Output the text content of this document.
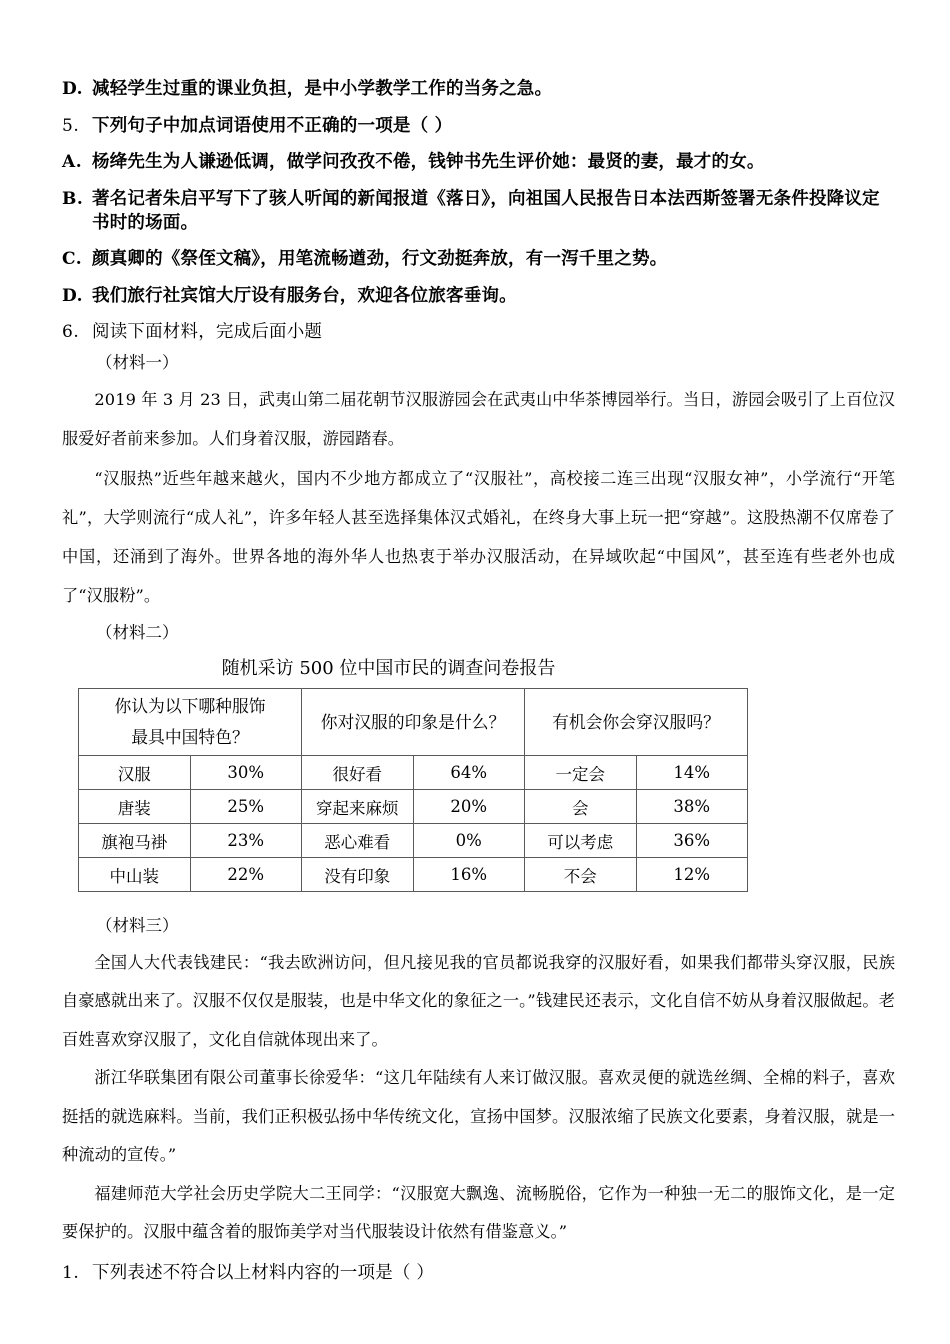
D. 减轻学生过重的课业负担，是中小学教学工作的当务之急。
5. 下列句子中加点词语使用不正确的一项是（ ）
A. 杨绛先生为人谦逊低调，做学问孜孜不倦，钱钟书先生评价她：最贤的妻，最才的女。
B. 著名记者朱启平写下了骇人听闻的新闻报道《落日》，向祖国人民报告日本法西斯签署无条件投降议定书时的场面。
C. 颜真卿的《祭侄文稿》，用笔流畅遒劲，行文劲挺奔放，有一泻千里之势。
D. 我们旅行社宾馆大厅设有服务台，欢迎各位旅客垂询。
6. 阅读下面材料，完成后面小题
（材料一）

2019 年 3 月 23 日，武夷山第二届花朝节汉服游园会在武夷山中华茶博园举行。当日，游园会吸引了上百位汉服爱好者前来参加。人们身着汉服，游园踏春。

“汉服热”近些年越来越火，国内不少地方都成立了“汉服社”，高校接二连三出现“汉服女神”，小学流行“开笔礼”，大学则流行“成人礼”，许多年轻人甚至选择集体汉式婚礼，在终身大事上玩一把“穿越”。这股热潮不仅席卷了中国，还涌到了海外。世界各地的海外华人也热衷于举办汉服活动，在异域吹起“中国风”，甚至连有些老外也成了“汉服粉”。

（材料二）
随机采访 500 位中国市民的调查问卷报告
你认为以下哪种服饰
最具中国特色？		你对汉服的印象是什么？		有机会你会穿汉服吗？	
汉服	30%	很好看	64%	一定会	14%
唐装	25%	穿起来麻烦	20%	会	38%
旗袍马褂	23%	恶心难看	0%	可以考虑	36%
中山装	22%	没有印象	16%	不会	12%
（材料三）

全国人大代表钱建民：“我去欧洲访问，但凡接见我的官员都说我穿的汉服好看，如果我们都带头穿汉服，民族自豪感就出来了。汉服不仅仅是服装，也是中华文化的象征之一。”钱建民还表示，文化自信不妨从身着汉服做起。老百姓喜欢穿汉服了，文化自信就体现出来了。

浙江华联集团有限公司董事长徐爱华：“这几年陆续有人来订做汉服。喜欢灵便的就选丝绸、全棉的料子，喜欢挺括的就选麻料。当前，我们正积极弘扬中华传统文化，宣扬中国梦。汉服浓缩了民族文化要素，身着汉服，就是一种流动的宣传。”

福建师范大学社会历史学院大二王同学：“汉服宽大飘逸、流畅脱俗，它作为一种独一无二的服饰文化，是一定要保护的。汉服中蕴含着的服饰美学对当代服装设计依然有借鉴意义。”

1. 下列表述不符合以上材料内容的一项是（ ）
